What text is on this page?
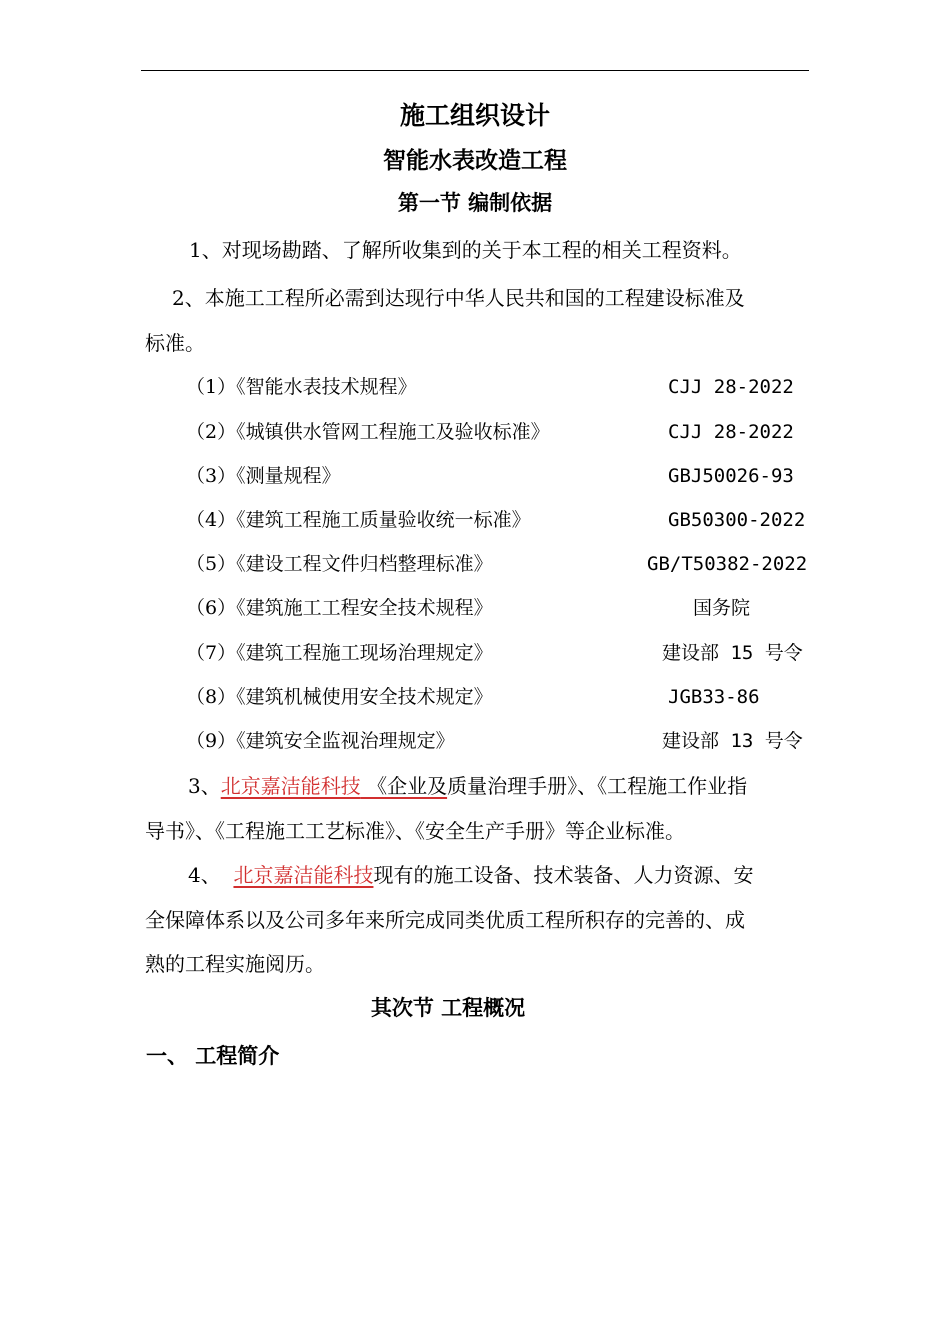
施工组织设计
智能水表改造工程
第一节 编制依据
1、对现场勘踏、了解所收集到的关于本工程的相关工程资料。
2、本施工工程所必需到达现行中华人民共和国的工程建设标准及
标准。
（1）《智能水表技术规程》	CJJ 28-2022
（2）《城镇供水管网工程施工及验收标准》	CJJ 28-2022
（3）《测量规程》	GBJ50026-93
（4）《建筑工程施工质量验收统一标准》	GB50300-2022
（5）《建设工程文件归档整理标准》	GB/T50382-2022
（6）《建筑施工工程安全技术规程》	国务院
（7）《建筑工程施工现场治理规定》	建设部 15 号令
（8）《建筑机械使用安全技术规定》	JGB33-86
（9）《建筑安全监视治理规定》	建设部 13 号令
3、北京嘉洁能科技 《企业及质量治理手册》、《工程施工作业指
导书》、《工程施工工艺标准》、《安全生产手册》等企业标准。
4、 北京嘉洁能科技现有的施工设备、技术装备、人力资源、安
全保障体系以及公司多年来所完成同类优质工程所积存的完善的、成
熟的工程实施阅历。
其次节 工程概况
一、 工程简介
